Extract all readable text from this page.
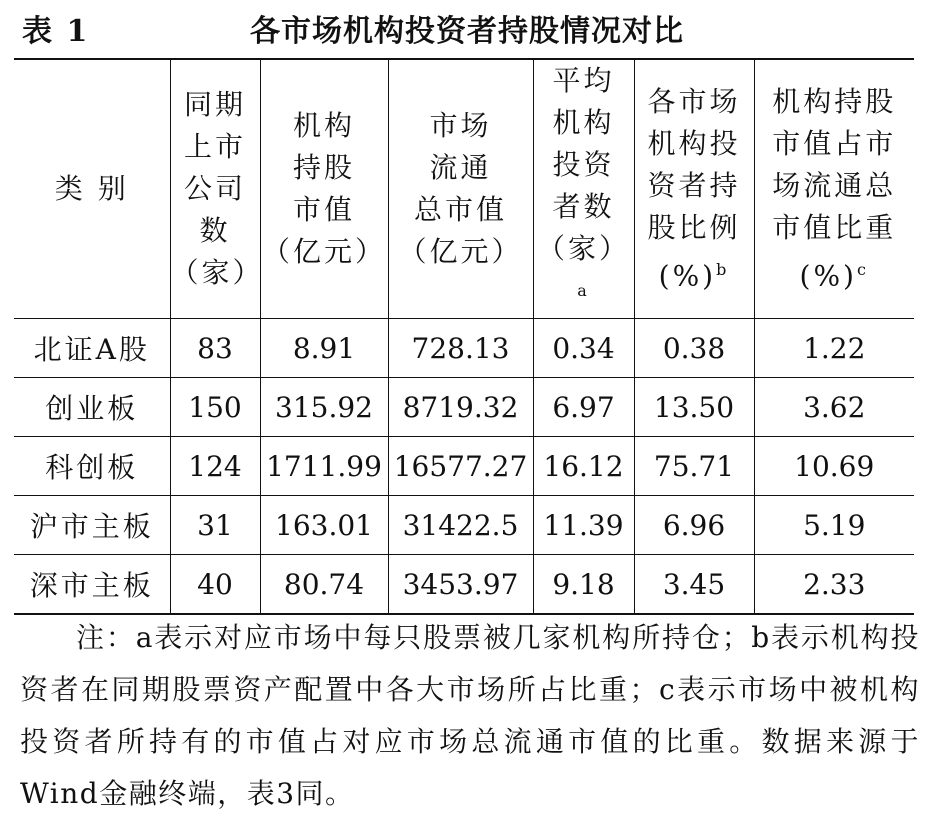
表 1	各市场机构投资者持股情况对比
类 别	同期
上市
公司
数
（家）	机构
持股
市值
（亿元）	市场
流通
总市值
（亿元）	平均
机构
投资
者数
（家）$^a$	各市场
机构投
资者持
股比例
(%)$^b$	机构持股
市值占市
场流通总
市值比重
(%)$^c$

北证A股	83	8.91	728.13	0.34	0.38	1.22
创业板	150	315.92	8719.32	6.97	13.50	3.62
科创板	124	1711.99	16577.27	16.12	75.71	10.69
沪市主板	31	163.01	31422.5	11.39	6.96	5.19
深市主板	40	80.74	3453.97	9.18	3.45	2.33

注：a表示对应市场中每只股票被几家机构所持仓；b表示机构投资者在同期股票资产配置中各大市场所占比重；c表示市场中被机构投资者所持有的市值占对应市场总流通市值的比重。数据来源于Wind金融终端，表3同。
